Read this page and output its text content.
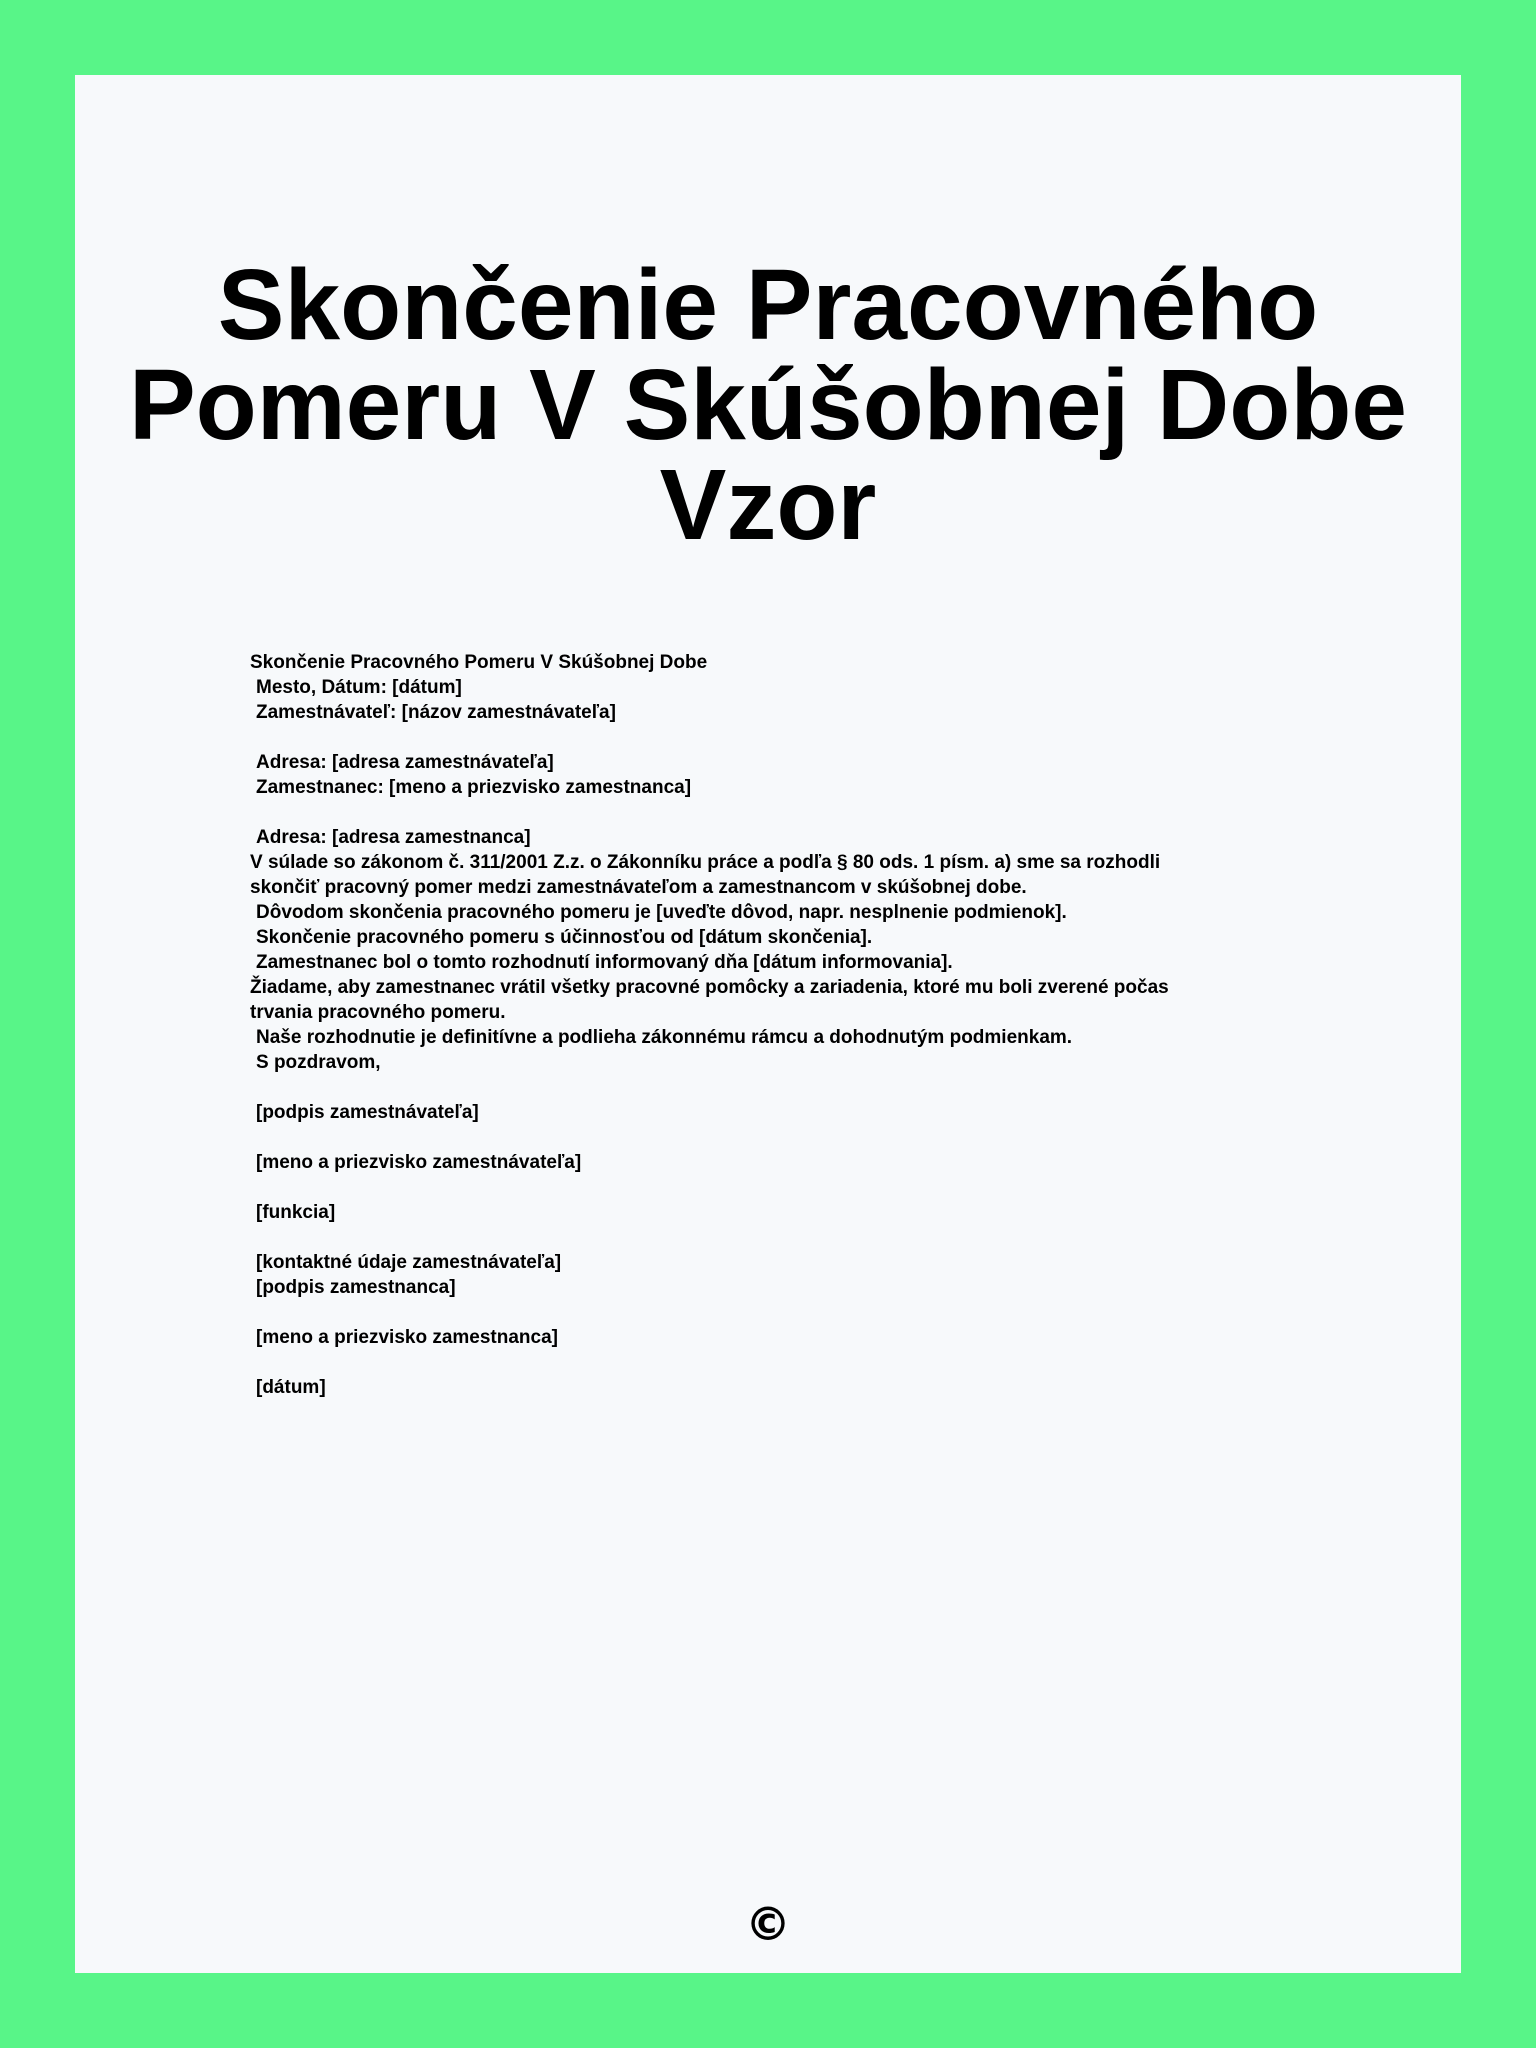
Skončenie Pracovného
Pomeru V Skúšobnej Dobe
Vzor
Skončenie Pracovného Pomeru V Skúšobnej Dobe
Mesto, Dátum: [dátum]
Zamestnávateľ: [názov zamestnávateľa]
Adresa: [adresa zamestnávateľa]
Zamestnanec: [meno a priezvisko zamestnanca]
Adresa: [adresa zamestnanca]
V súlade so zákonom č. 311/2001 Z.z. o Zákonníku práce a podľa § 80 ods. 1 písm. a) sme sa rozhodli
skončiť pracovný pomer medzi zamestnávateľom a zamestnancom v skúšobnej dobe.
Dôvodom skončenia pracovného pomeru je [uveďte dôvod, napr. nesplnenie podmienok].
Skončenie pracovného pomeru s účinnosťou od [dátum skončenia].
Zamestnanec bol o tomto rozhodnutí informovaný dňa [dátum informovania].
Žiadame, aby zamestnanec vrátil všetky pracovné pomôcky a zariadenia, ktoré mu boli zverené počas
trvania pracovného pomeru.
Naše rozhodnutie je definitívne a podlieha zákonnému rámcu a dohodnutým podmienkam.
S pozdravom,
[podpis zamestnávateľa]
[meno a priezvisko zamestnávateľa]
[funkcia]
[kontaktné údaje zamestnávateľa]
[podpis zamestnanca]
[meno a priezvisko zamestnanca]
[dátum]
©
